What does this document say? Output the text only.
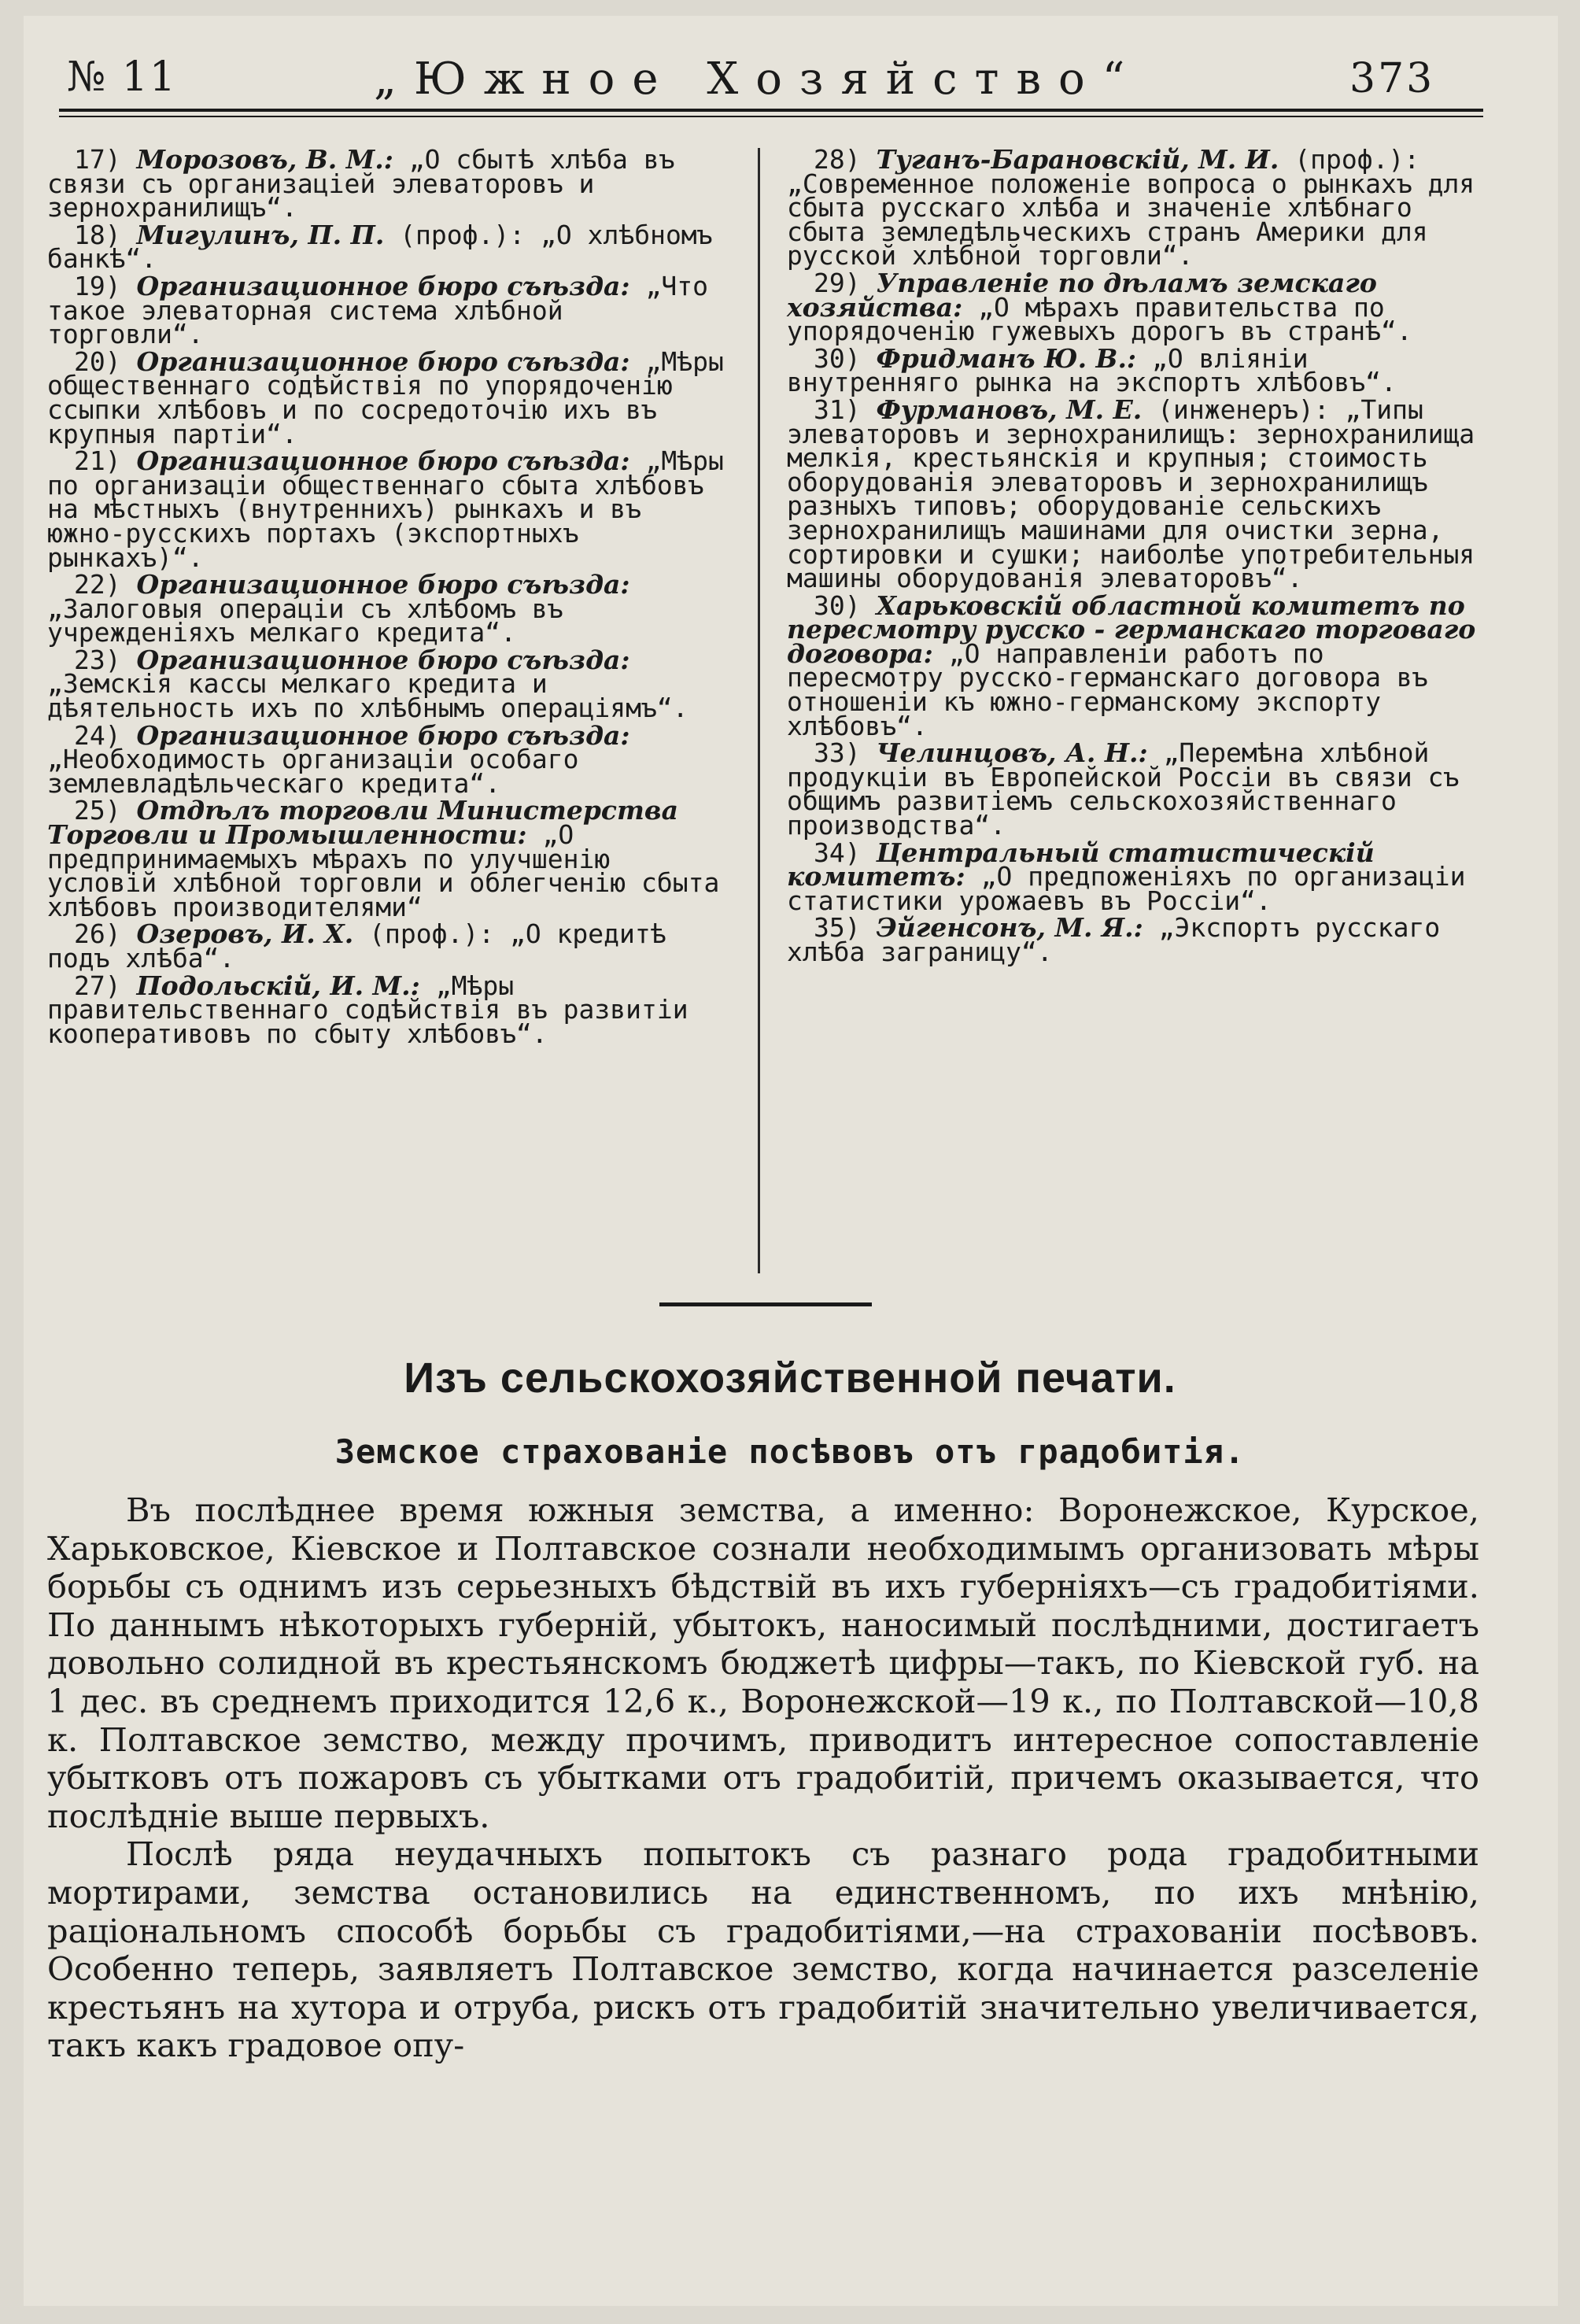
№ 11	„Южное Хозяйство“	373

17) Морозовъ, В. М.: „О сбытѣ хлѣба въ связи съ организацiей элеваторовъ и зернохранилищъ“.

18) Мигулинъ, П. П. (проф.): „О хлѣбномъ банкѣ“.

19) Организационное бюро съѣзда: „Что такое элеваторная система хлѣбной торговли“.

20) Организационное бюро съѣзда: „Мѣры общественнаго содѣйствiя по упорядоченiю ссыпки хлѣбовъ и по сосредоточiю ихъ въ крупныя партiи“.

21) Организационное бюро съѣзда: „Мѣры по организацiи общественнаго сбыта хлѣбовъ на мѣстныхъ (внутреннихъ) рынкахъ и въ южно-русскихъ портахъ (экспортныхъ рынкахъ)“.

22) Организационное бюро съѣзда: „Залоговыя операцiи съ хлѣбомъ въ учрежденiяхъ мелкаго кредита“.

23) Организационное бюро съѣзда: „Земскiя кассы мелкаго кредита и дѣятельность ихъ по хлѣбнымъ операцiямъ“.

24) Организационное бюро съѣзда: „Необходимость организацiи особаго землевладѣльческаго кредита“.

25) Отдѣлъ торговли Министерства Торговли и Промышленности: „О предпринимаемыхъ мѣрахъ по улучшенiю условiй хлѣбной торговли и облегченiю сбыта хлѣбовъ производителями“

26) Озеровъ, И. Х. (проф.): „О кредитѣ подъ хлѣба“.

27) Подольскiй, И. М.: „Мѣры правительственнаго содѣйствiя въ развитiи кооперативовъ по сбыту хлѣбовъ“.

28) Туганъ-Барановскiй, М. И. (проф.): „Современное положенiе вопроса о рынкахъ для сбыта русскаго хлѣба и значенiе хлѣбнаго сбыта земледѣльческихъ странъ Америки для русской хлѣбной торговли“.

29) Управленiе по дѣламъ земскаго хозяйства: „О мѣрахъ правительства по упорядоченiю гужевыхъ дорогъ въ странѣ“.

30) Фридманъ Ю. В.: „О влiянiи внутренняго рынка на экспортъ хлѣбовъ“.

31) Фурмановъ, М. Е. (инженеръ): „Типы элеваторовъ и зернохранилищъ: зернохранилища мелкiя, крестьянскiя и крупныя; стоимость оборудованiя элеваторовъ и зернохранилищъ разныхъ типовъ; оборудованiе сельскихъ зернохранилищъ машинами для очистки зерна, сортировки и сушки; наиболѣе употребительныя машины оборудованiя элеваторовъ“.

30) Харьковскiй областной комитетъ по пересмотру русско - германскаго торговаго договора: „О направленiи работъ по пересмотру русско-германскаго договора въ отношенiи къ южно-германскому экспорту хлѣбовъ“.

33) Челинцовъ, А. Н.: „Перемѣна хлѣбной продукцiи въ Европейской Россiи въ связи съ общимъ развитiемъ сельскохозяйственнаго производства“.

34) Центральный статистическiй комитетъ: „О предпоженiяхъ по организацiи статистики урожаевъ въ Россiи“.

35) Эйгенсонъ, М. Я.: „Экспортъ русскаго хлѣба заграницу“.

Изъ сельскохозяйственной печати.
Земское страхованiе посѣвовъ отъ градобитiя.

Въ послѣднее время южныя земства, а именно: Воронежское, Курское, Харьковское, Кiевское и Полтавское сознали необходимымъ организовать мѣры борьбы съ однимъ изъ серьезныхъ бѣдствiй въ ихъ губернiяхъ—съ градобитiями. По даннымъ нѣкоторыхъ губернiй, убытокъ, наносимый послѣдними, достигаетъ довольно солидной въ крестьянскомъ бюджетѣ цифры—такъ, по Кiевской губ. на 1 дес. въ среднемъ приходится 12,6 к., Воронежской—19 к., по Полтавской—10,8 к. Полтавское земство, между прочимъ, приводитъ интересное сопоставленiе убытковъ отъ пожаровъ съ убытками отъ градобитiй, причемъ оказывается, что послѣднiе выше первыхъ.

Послѣ ряда неудачныхъ попытокъ съ разнаго рода градобитными мортирами, земства остановились на единственномъ, по ихъ мнѣнiю, рацiональномъ способѣ борьбы съ градобитiями,—на страхованiи посѣвовъ. Особенно теперь, заявляетъ Полтавское земство, когда начинается разселенiе крестьянъ на хутора и отруба, рискъ отъ градобитiй значительно увеличивается, такъ какъ градовое опу-
